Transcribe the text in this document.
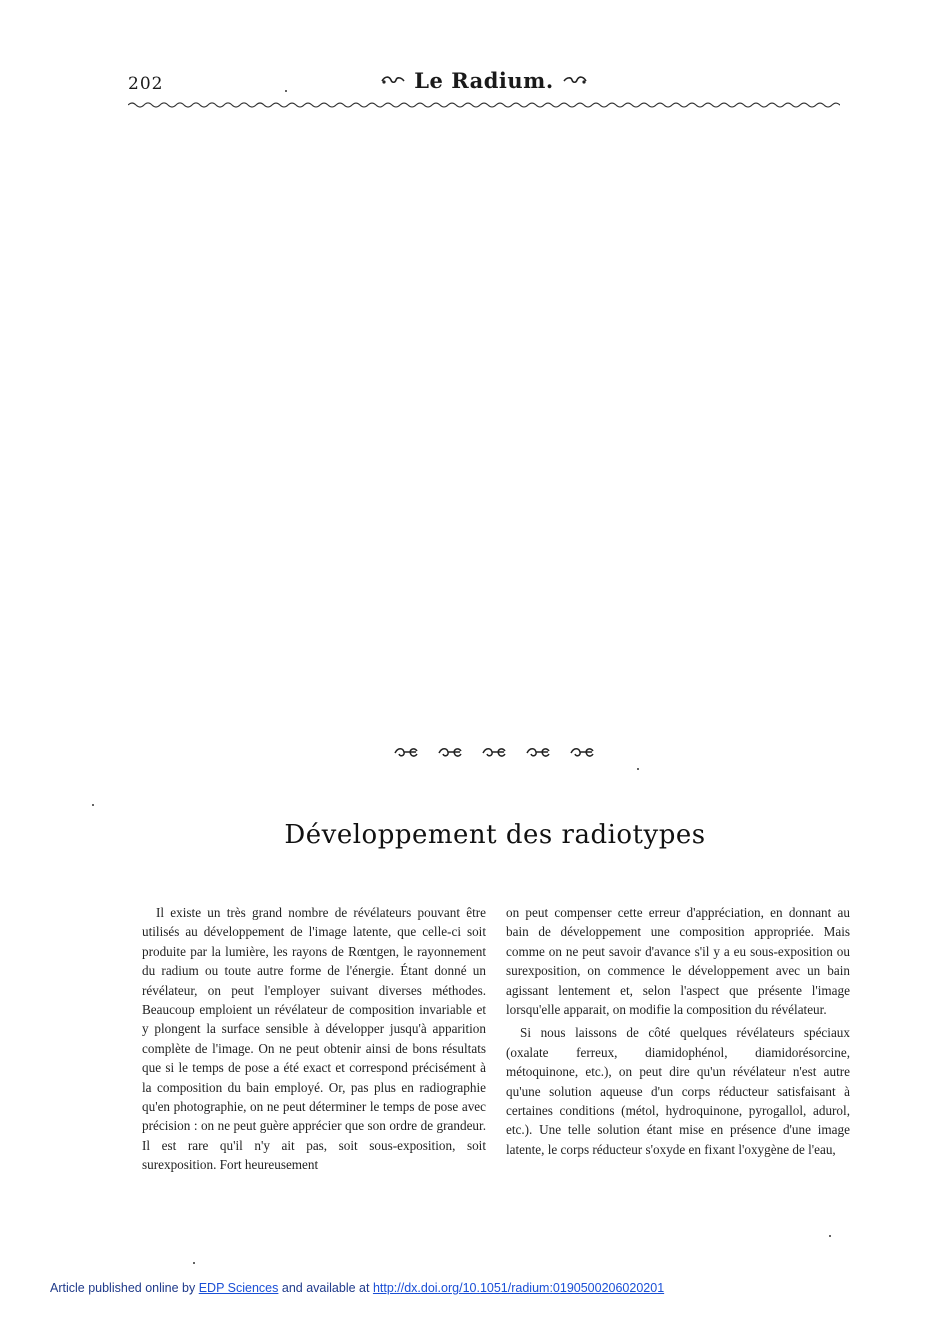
202	Le Radium.
Développement des radiotypes

Il existe un très grand nombre de révélateurs pouvant être utilisés au développement de l'image latente, que celle-ci soit produite par la lumière, les rayons de Rœntgen, le rayonnement du radium ou toute autre forme de l'énergie. Étant donné un révélateur, on peut l'employer suivant diverses méthodes. Beaucoup emploient un révélateur de composition invariable et y plongent la surface sensible à développer jusqu'à apparition complète de l'image. On ne peut obtenir ainsi de bons résultats que si le temps de pose a été exact et correspond précisément à la composition du bain employé. Or, pas plus en radiographie qu'en photographie, on ne peut déterminer le temps de pose avec précision : on ne peut guère apprécier que son ordre de grandeur. Il est rare qu'il n'y ait pas, soit sous-exposition, soit surexposition. Fort heureusement

on peut compenser cette erreur d'appréciation, en donnant au bain de développement une composition appropriée. Mais comme on ne peut savoir d'avance s'il y a eu sous-exposition ou surexposition, on commence le développement avec un bain agissant lentement et, selon l'aspect que présente l'image lorsqu'elle apparait, on modifie la composition du révélateur.

Si nous laissons de côté quelques révélateurs spéciaux (oxalate ferreux, diamidophénol, diamidorésorcine, métoquinone, etc.), on peut dire qu'un révélateur n'est autre qu'une solution aqueuse d'un corps réducteur satisfaisant à certaines conditions (métol, hydroquinone, pyrogallol, adurol, etc.). Une telle solution étant mise en présence d'une image latente, le corps réducteur s'oxyde en fixant l'oxygène de l'eau,

Article published online by EDP Sciences and available at http://dx.doi.org/10.1051/radium:0190500206020201
